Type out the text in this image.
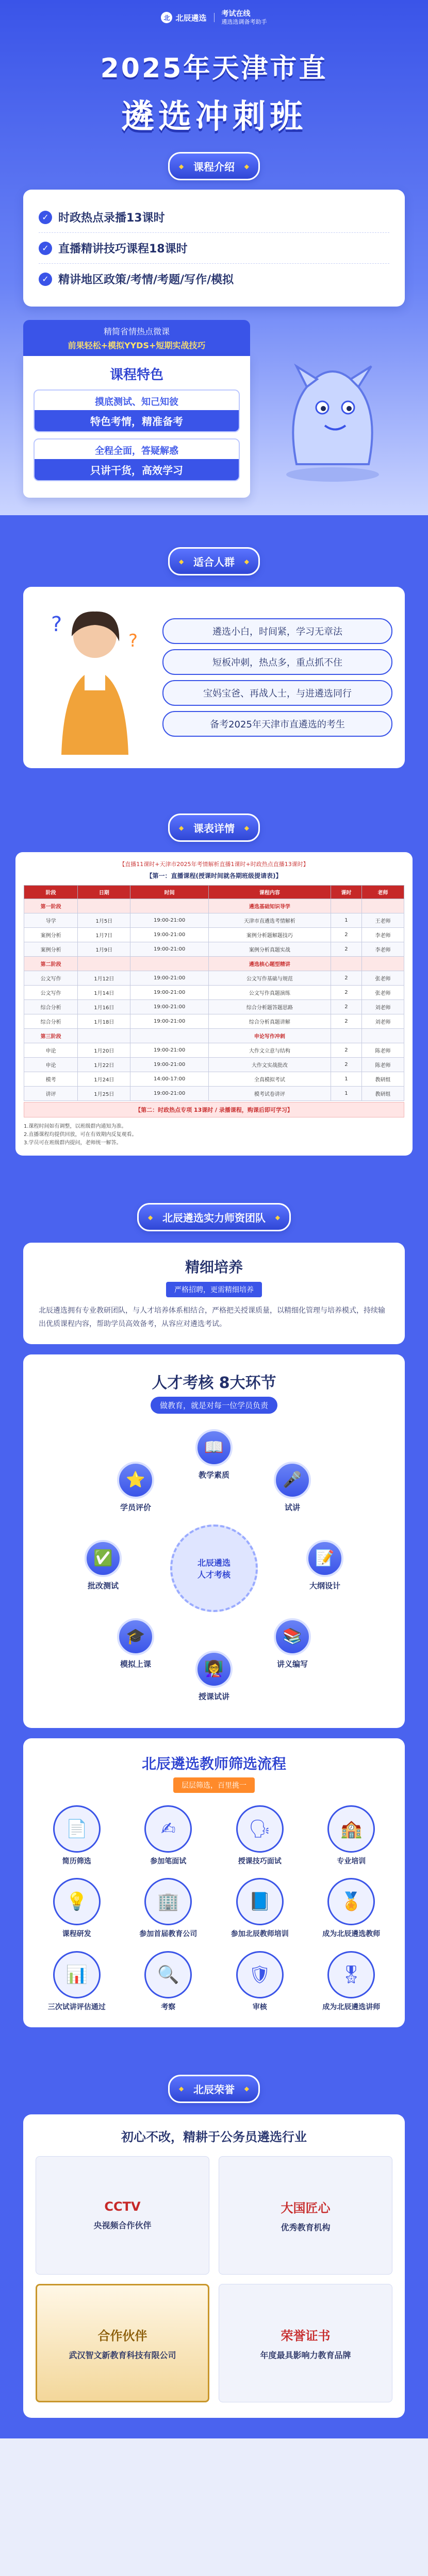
北 北辰遴选 考试在线
遴选选调备考助手
2025年天津市直
遴选冲刺班
◆ 课程介绍 ◆
✓ 时政热点录播13课时
✓ 直播精讲技巧课程18课时
✓ 精讲地区政策/考情/考题/写作/模拟
精简省情热点微课
前果轻松+模拟YYDS+短期实战技巧
课程特色
摸底测试、知己知彼
特色考情，精准备考
全程全面，答疑解惑
只讲干货，高效学习
◆ 适合人群 ◆
?
?	遴选小白，时间紧，学习无章法
短板冲刺，热点多，重点抓不住
宝妈宝爸、再战人士，与进遴选同行
备考2025年天津市直遴选的考生
◆ 课表详情 ◆
【直播11课时+天津市2025年考情解析直播1课时+时政热点直播13课时】
【第一：直播课程(授课时间就各期班级提请表)】
阶段	日期	时间	课程内容	课时	老师
第一阶段			遴选基础知识导学		
导学	1月5日	19:00-21:00	天津市直遴选考情解析	1	王老师
案例分析	1月7日	19:00-21:00	案例分析题解题技巧	2	李老师
案例分析	1月9日	19:00-21:00	案例分析真题实战	2	李老师
第二阶段			遴选核心题型精讲		
公文写作	1月12日	19:00-21:00	公文写作基础与规范	2	张老师
公文写作	1月14日	19:00-21:00	公文写作真题演练	2	张老师
综合分析	1月16日	19:00-21:00	综合分析题答题思路	2	刘老师
综合分析	1月18日	19:00-21:00	综合分析真题讲解	2	刘老师
第三阶段			申论写作冲刺		
申论	1月20日	19:00-21:00	大作文立意与结构	2	陈老师
申论	1月22日	19:00-21:00	大作文实战批改	2	陈老师
模考	1月24日	14:00-17:00	全真模拟考试	1	教研组
讲评	1月25日	19:00-21:00	模考试卷讲评	1	教研组
【第二：时政热点专项 13课时 / 录播课程，购课后即可学习】
1.课程时间如有调整，以班级群内通知为准。
2.直播课程均提供回放，可在有效期内反复观看。
3.学员可在班级群内提问，老师统一解答。
◆ 北辰遴选实力师资团队 ◆
精细培养
严格招聘，更需精细培养

北辰遴选拥有专业教研团队，与人才培养体系相结合，严格把关授课质量，以精细化管理与培养模式，持续输出优质课程内容，帮助学员高效备考，从容应对遴选考试。

人才考核 8大环节
做教育，就是对每一位学员负责
北辰遴选
人才考核
📖
教学素质	🎤
试讲
📝
大纲设计
📚
讲义编写
👩‍🏫
授课试讲
🎓
模拟上课
✅
批改测试
⭐
学员评价
北辰遴选教师筛选流程
层层筛选，百里挑一
📄
简历筛选
✍
参加笔面试
🗣
授课技巧面试
🏫
专业培训
💡
课程研发
🏢
参加首届教育公司
📘
参加北辰教师培训
🏅
成为北辰遴选教师
📊
三次试讲评估通过
🔍
考察
🛡
审核
🎖
成为北辰遴选讲师
◆ 北辰荣誉 ◆
初心不改，精耕于公务员遴选行业
CCTV
央视频合作伙伴
大国匠心
优秀教育机构
合作伙伴
武汉智文新教育科技有限公司
荣誉证书
年度最具影响力教育品牌
